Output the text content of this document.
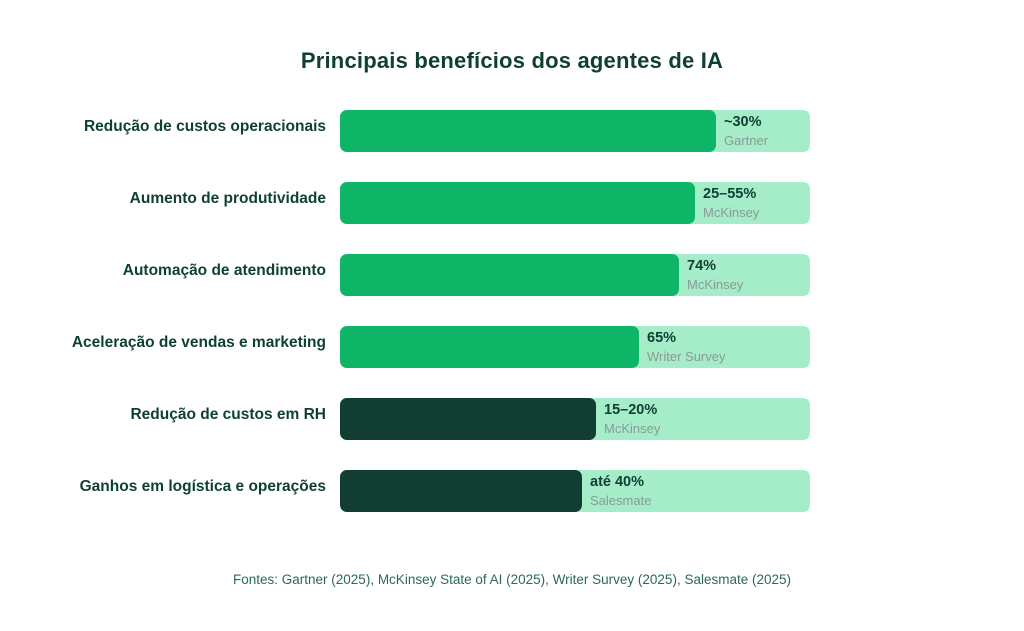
Principais benefícios dos agentes de IA
Redução de custos operacionais	~30%
Gartner
Aumento de produtividade	25–55%
McKinsey
Automação de atendimento	74%
McKinsey
Aceleração de vendas e marketing	65%
Writer Survey
Redução de custos em RH	15–20%
McKinsey
Ganhos em logística e operações	até 40%
Salesmate
Fontes: Gartner (2025), McKinsey State of AI (2025), Writer Survey (2025), Salesmate (2025)
